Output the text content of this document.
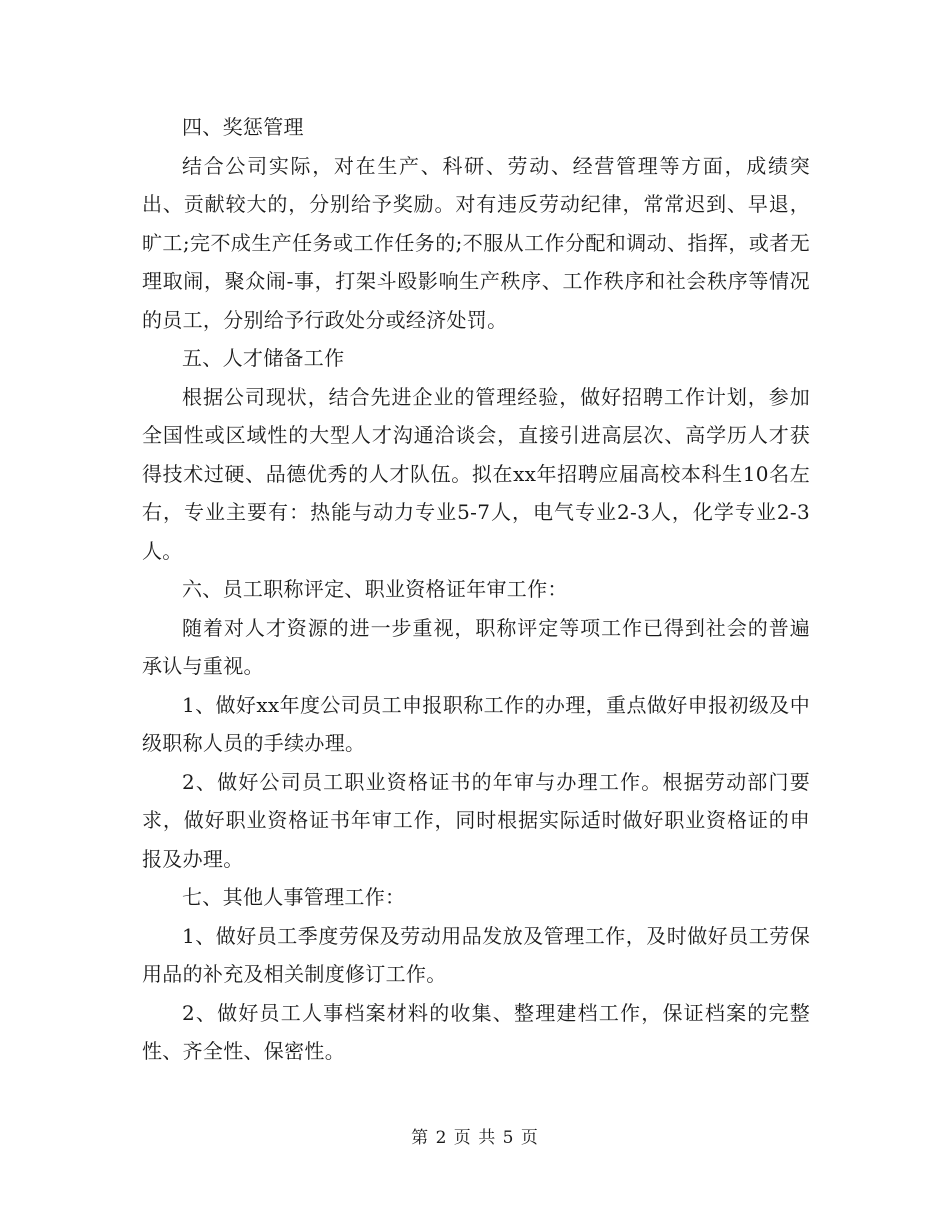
四、奖惩管理

结合公司实际，对在生产、科研、劳动、经营管理等方面，成绩突出、贡献较大的，分别给予奖励。对有违反劳动纪律，常常迟到、早退，旷工;完不成生产任务或工作任务的;不服从工作分配和调动、指挥，或者无理取闹，聚众闹-事，打架斗殴影响生产秩序、工作秩序和社会秩序等情况的员工，分别给予行政处分或经济处罚。

五、人才储备工作

根据公司现状，结合先进企业的管理经验，做好招聘工作计划，参加全国性或区域性的大型人才沟通洽谈会，直接引进高层次、高学历人才获得技术过硬、品德优秀的人才队伍。拟在xx年招聘应届高校本科生10名左右，专业主要有：热能与动力专业5-7人，电气专业2-3人，化学专业2-3人。

六、员工职称评定、职业资格证年审工作：

随着对人才资源的进一步重视，职称评定等项工作已得到社会的普遍承认与重视。

1、做好xx年度公司员工申报职称工作的办理，重点做好申报初级及中级职称人员的手续办理。

2、做好公司员工职业资格证书的年审与办理工作。根据劳动部门要求，做好职业资格证书年审工作，同时根据实际适时做好职业资格证的申报及办理。

七、其他人事管理工作：

1、做好员工季度劳保及劳动用品发放及管理工作，及时做好员工劳保用品的补充及相关制度修订工作。

2、做好员工人事档案材料的收集、整理建档工作，保证档案的完整性、齐全性、保密性。

第 2 页 共 5 页
